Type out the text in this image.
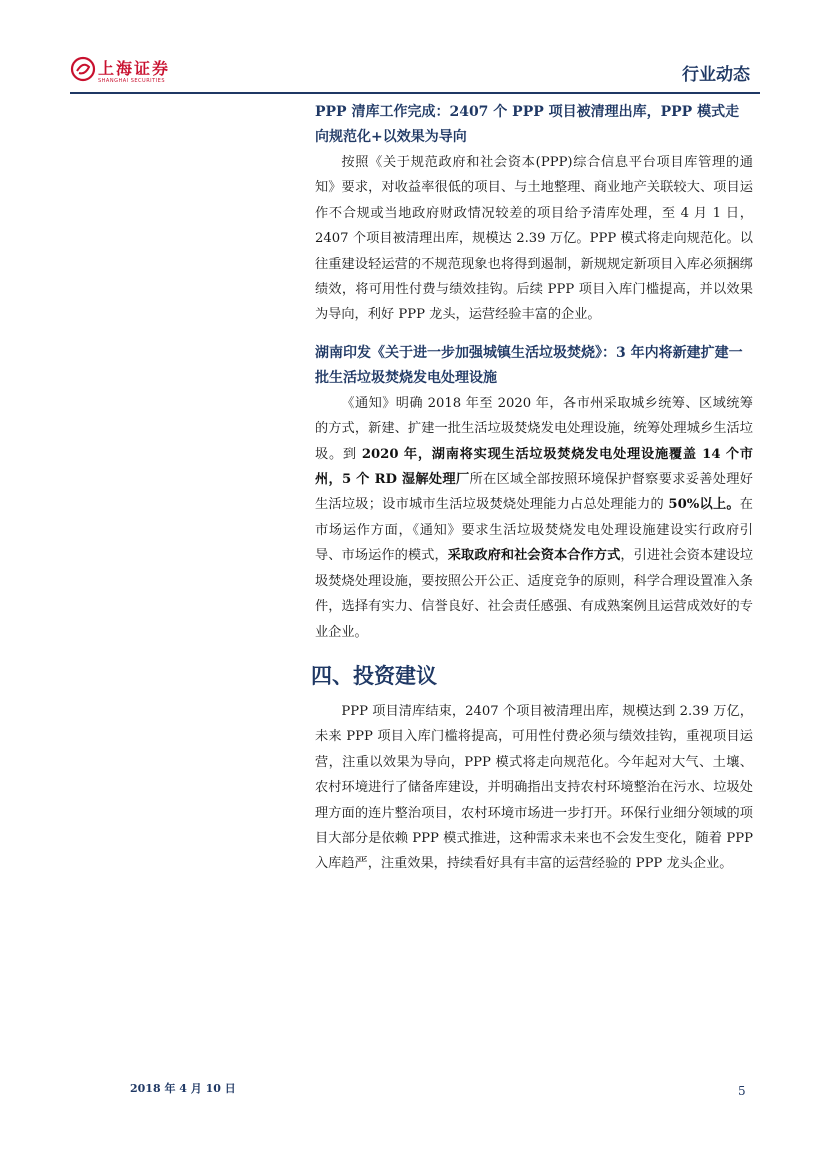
上海证券
SHANGHAI SECURITIES	行业动态
PPP 清库工作完成：2407 个 PPP 项目被清理出库，PPP 模式走向规范化+以效果为导向

按照《关于规范政府和社会资本(PPP)综合信息平台项目库管理的通知》要求，对收益率很低的项目、与土地整理、商业地产关联较大、项目运作不合规或当地政府财政情况较差的项目给予清库处理，至 4 月 1 日， 2407 个项目被清理出库，规模达 2.39 万亿。PPP 模式将走向规范化。以往重建设轻运营的不规范现象也将得到遏制，新规规定新项目入库必须捆绑绩效，将可用性付费与绩效挂钩。后续 PPP 项目入库门槛提高，并以效果为导向，利好 PPP 龙头，运营经验丰富的企业。

湖南印发《关于进一步加强城镇生活垃圾焚烧》：3 年内将新建扩建一批生活垃圾焚烧发电处理设施

《通知》明确 2018 年至 2020 年，各市州采取城乡统筹、区域统筹的方式，新建、扩建一批生活垃圾焚烧发电处理设施，统筹处理城乡生活垃圾。到 2020 年，湖南将实现生活垃圾焚烧发电处理设施覆盖 14 个市州，5 个 RD 湿解处理厂所在区域全部按照环境保护督察要求妥善处理好生活垃圾；设市城市生活垃圾焚烧处理能力占总处理能力的 50%以上。在市场运作方面，《通知》要求生活垃圾焚烧发电处理设施建设实行政府引导、市场运作的模式，采取政府和社会资本合作方式，引进社会资本建设垃圾焚烧处理设施，要按照公开公正、适度竞争的原则，科学合理设置准入条件，选择有实力、信誉良好、社会责任感强、有成熟案例且运营成效好的专业企业。

四、投资建议

PPP 项目清库结束，2407 个项目被清理出库，规模达到 2.39 万亿，未来 PPP 项目入库门槛将提高，可用性付费必须与绩效挂钩，重视项目运营，注重以效果为导向，PPP 模式将走向规范化。今年起对大气、土壤、农村环境进行了储备库建设，并明确指出支持农村环境整治在污水、垃圾处理方面的连片整治项目，农村环境市场进一步打开。环保行业细分领域的项目大部分是依赖 PPP 模式推进，这种需求未来也不会发生变化，随着 PPP 入库趋严，注重效果，持续看好具有丰富的运营经验的 PPP 龙头企业。

2018 年 4 月 10 日	5
